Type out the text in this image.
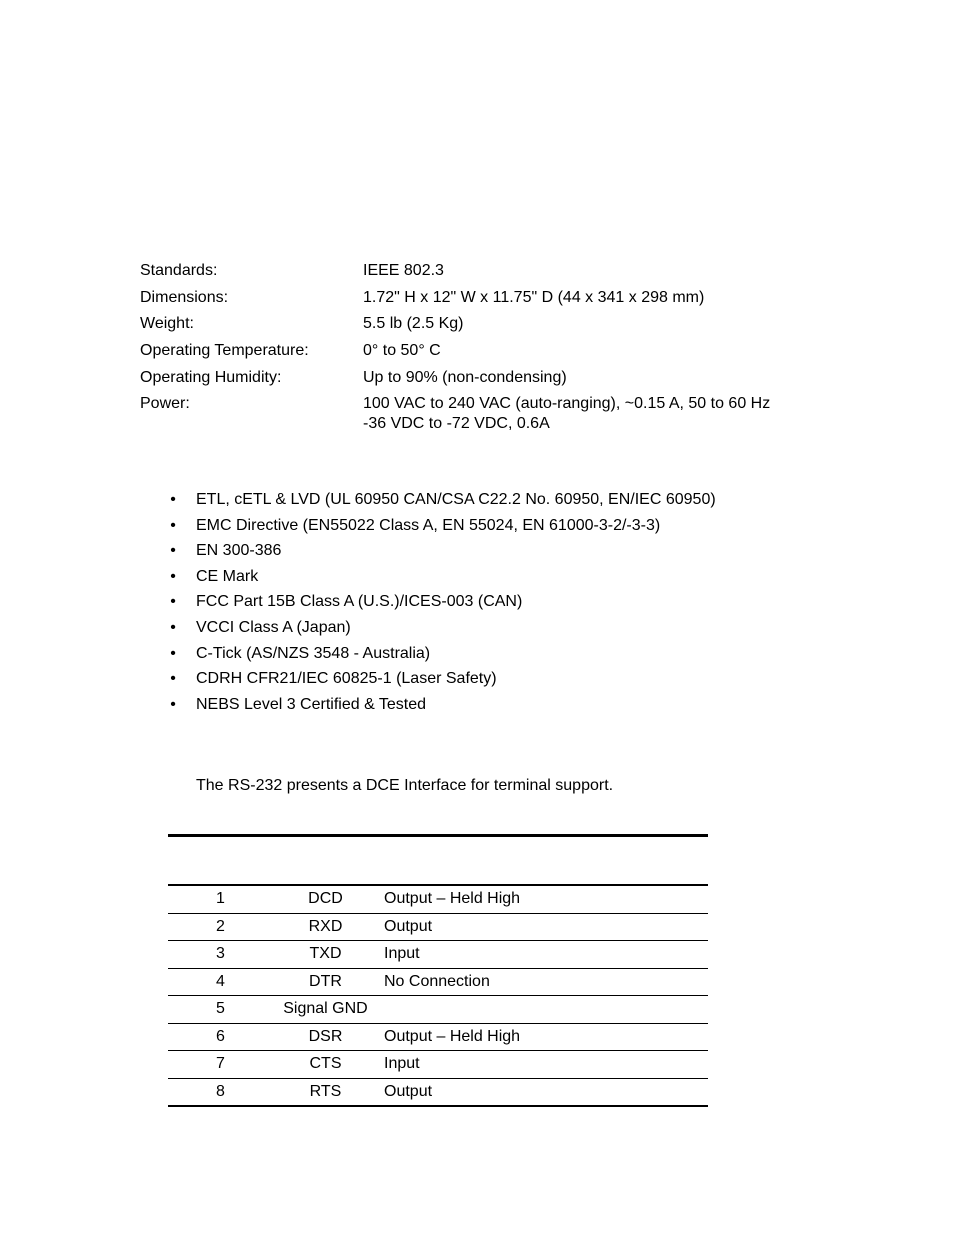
Standards:	IEEE 802.3
Dimensions:	1.72" H x 12" W x 11.75" D (44 x 341 x 298 mm)
Weight:	5.5 lb (2.5 Kg)
Operating Temperature:	0° to 50° C
Operating Humidity:	Up to 90% (non-condensing)
Power:	100 VAC to 240 VAC (auto-ranging), ~0.15 A, 50 to 60 Hz
-36 VDC to -72 VDC, 0.6A
• ETL, cETL & LVD (UL 60950 CAN/CSA C22.2 No. 60950, EN/IEC 60950)
• EMC Directive (EN55022 Class A, EN 55024, EN 61000-3-2/-3-3)
• EN 300-386
• CE Mark
• FCC Part 15B Class A (U.S.)/ICES-003 (CAN)
• VCCI Class A (Japan)
• C-Tick (AS/NZS 3548 - Australia)
• CDRH CFR21/IEC 60825-1 (Laser Safety)
• NEBS Level 3 Certified & Tested
The RS-232 presents a DCE Interface for terminal support.
1	DCD	Output – Held High
2	RXD	Output
3	TXD	Input
4	DTR	No Connection
5	Signal GND
6	DSR	Output – Held High
7	CTS	Input
8	RTS	Output
